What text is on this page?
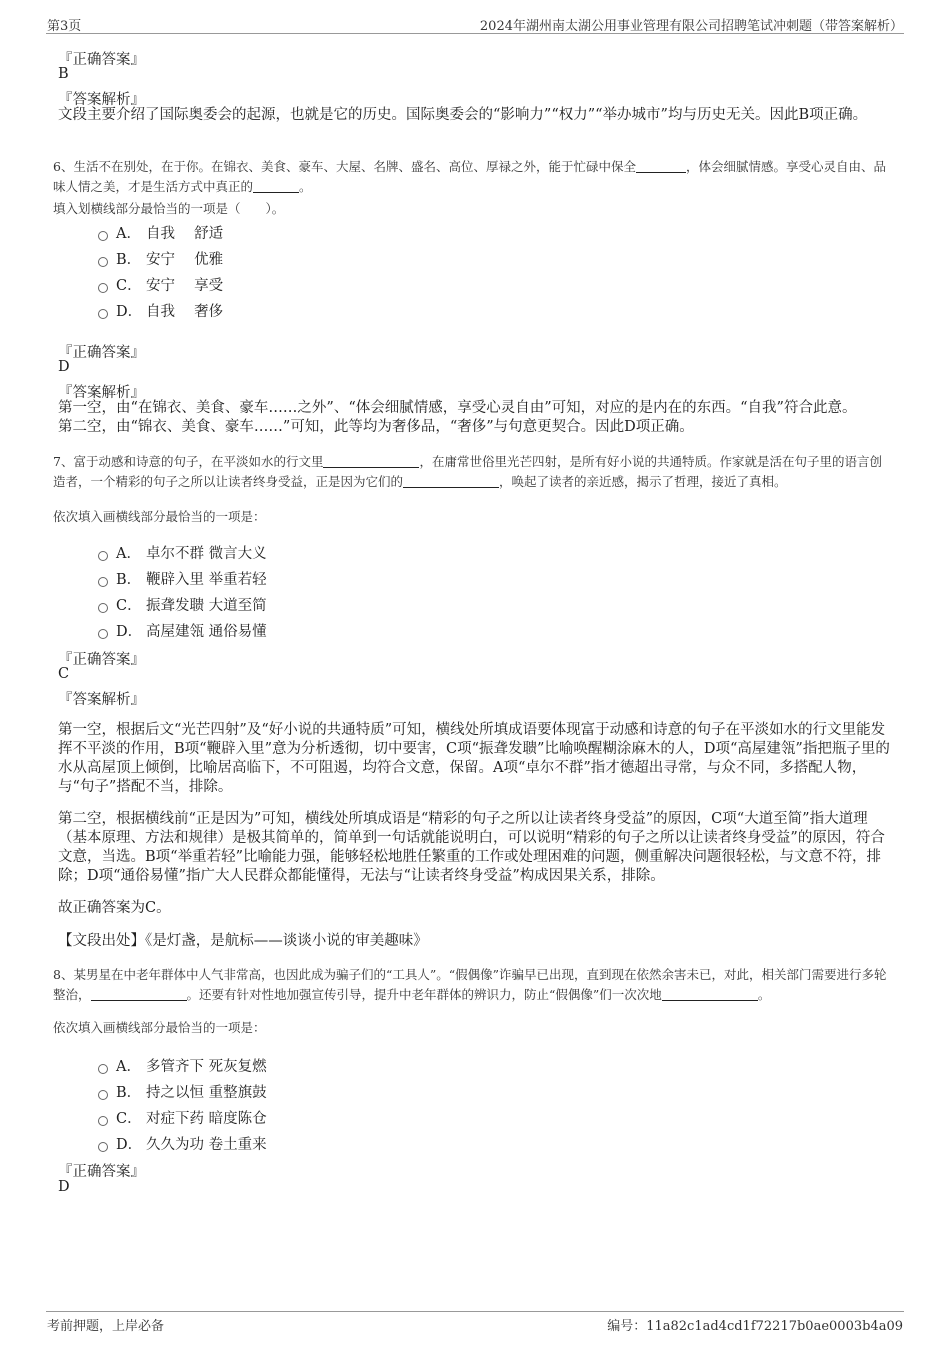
第3页	2024年湖州南太湖公用事业管理有限公司招聘笔试冲刺题（带答案解析）
『正确答案』
B
『答案解析』
文段主要介绍了国际奥委会的起源，也就是它的历史。国际奥委会的“影响力”“权力”“举办城市”均与历史无关。因此B项正确。
6、生活不在别处，在于你。在锦衣、美食、豪车、大屋、名牌、盛名、高位、厚禄之外，能于忙碌中保全	，体会细腻情感。享受心灵自由、品味人情之美，才是生活方式中真正的	。
填入划横线部分最恰当的一项是（　　）。
A． 自我　 舒适
B． 安宁　 优雅
C． 安宁　 享受
D． 自我　 奢侈
『正确答案』
D
『答案解析』
第一空，由“在锦衣、美食、豪车……之外”、“体会细腻情感，享受心灵自由”可知，对应的是内在的东西。“自我”符合此意。
第二空，由“锦衣、美食、豪车……”可知，此等均为奢侈品，“奢侈”与句意更契合。因此D项正确。
7、富于动感和诗意的句子，在平淡如水的行文里	，在庸常世俗里光芒四射，是所有好小说的共通特质。作家就是活在句子里的语言创造者，一个精彩的句子之所以让读者终身受益，正是因为它们的	，唤起了读者的亲近感，揭示了哲理，接近了真相。
依次填入画横线部分最恰当的一项是：
A． 卓尔不群 微言大义
B． 鞭辟入里 举重若轻
C． 振聋发聩 大道至简
D． 高屋建瓴 通俗易懂
『正确答案』
C
『答案解析』
第一空，根据后文“光芒四射”及“好小说的共通特质”可知，横线处所填成语要体现富于动感和诗意的句子在平淡如水的行文里能发挥不平淡的作用，B项“鞭辟入里”意为分析透彻，切中要害，C项“振聋发聩”比喻唤醒糊涂麻木的人，D项“高屋建瓴”指把瓶子里的水从高屋顶上倾倒，比喻居高临下，不可阻遏，均符合文意，保留。A项“卓尔不群”指才德超出寻常，与众不同，多搭配人物，与“句子”搭配不当，排除。
第二空，根据横线前“正是因为”可知，横线处所填成语是“精彩的句子之所以让读者终身受益”的原因，C项“大道至简”指大道理（基本原理、方法和规律）是极其简单的，简单到一句话就能说明白，可以说明“精彩的句子之所以让读者终身受益”的原因，符合文意，当选。B项“举重若轻”比喻能力强，能够轻松地胜任繁重的工作或处理困难的问题，侧重解决问题很轻松，与文意不符，排除；D项“通俗易懂”指广大人民群众都能懂得，无法与“让读者终身受益”构成因果关系，排除。
故正确答案为C。
【文段出处】《是灯盏，是航标——谈谈小说的审美趣味》
8、某男星在中老年群体中人气非常高，也因此成为骗子们的“工具人”。“假偶像”诈骗早已出现，直到现在依然余害未已，对此，相关部门需要进行多轮整治，	。还要有针对性地加强宣传引导，提升中老年群体的辨识力，防止“假偶像”们一次次地	。
依次填入画横线部分最恰当的一项是：
A． 多管齐下 死灰复燃
B． 持之以恒 重整旗鼓
C． 对症下药 暗度陈仓
D． 久久为功 卷土重来
『正确答案』
D
考前押题，上岸必备	编号：11a82c1ad4cd1f72217b0ae0003b4a09
